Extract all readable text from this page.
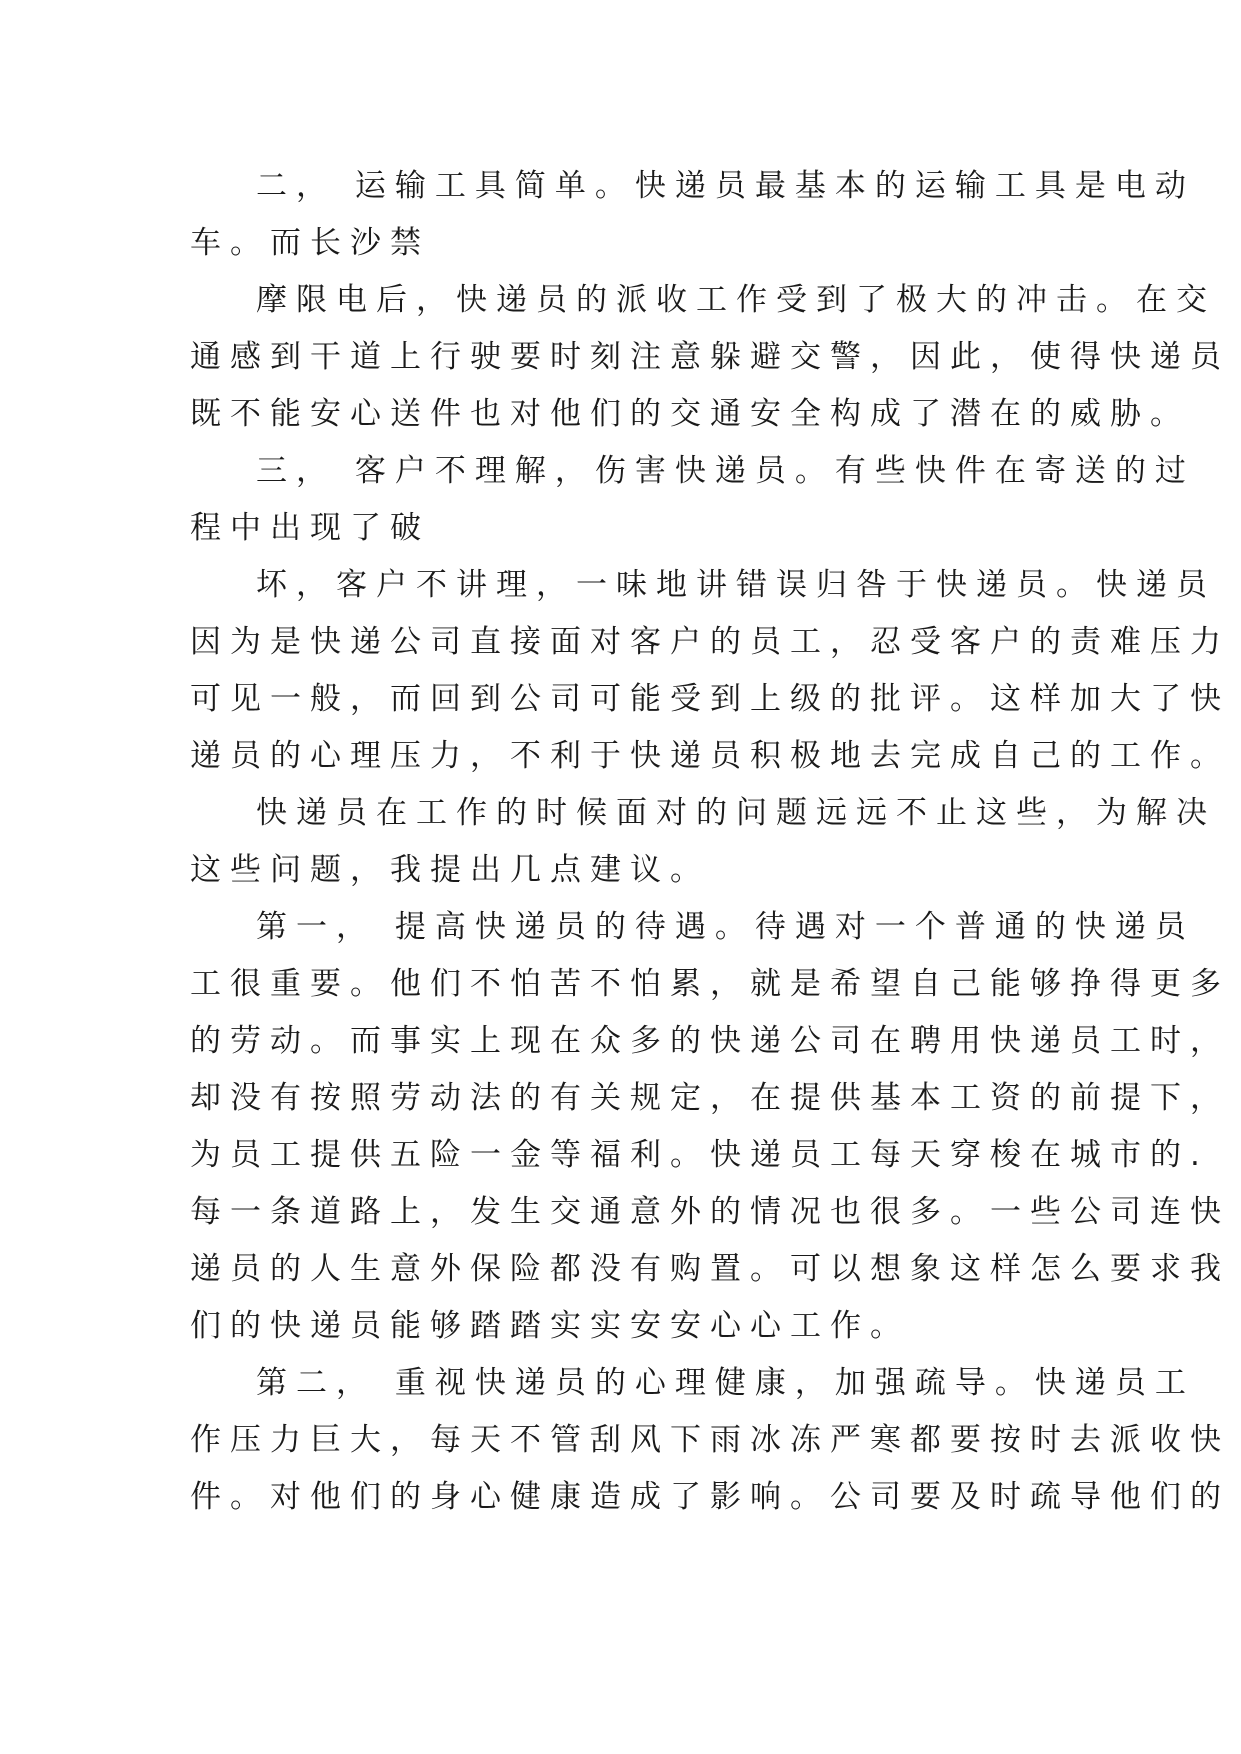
二， 运输工具简单。快递员最基本的运输工具是电动

车。而长沙禁

摩限电后，快递员的派收工作受到了极大的冲击。在交

通感到干道上行驶要时刻注意躲避交警，因此，使得快递员

既不能安心送件也对他们的交通安全构成了潜在的威胁。

三， 客户不理解，伤害快递员。有些快件在寄送的过

程中出现了破

坏，客户不讲理，一味地讲错误归咎于快递员。快递员

因为是快递公司直接面对客户的员工，忍受客户的责难压力

可见一般，而回到公司可能受到上级的批评。这样加大了快

递员的心理压力，不利于快递员积极地去完成自己的工作。

快递员在工作的时候面对的问题远远不止这些，为解决

这些问题，我提出几点建议。

第一， 提高快递员的待遇。待遇对一个普通的快递员

工很重要。他们不怕苦不怕累，就是希望自己能够挣得更多

的劳动。而事实上现在众多的快递公司在聘用快递员工时，

却没有按照劳动法的有关规定，在提供基本工资的前提下，

为员工提供五险一金等福利。快递员工每天穿梭在城市的.

每一条道路上，发生交通意外的情况也很多。一些公司连快

递员的人生意外保险都没有购置。可以想象这样怎么要求我

们的快递员能够踏踏实实安安心心工作。

第二， 重视快递员的心理健康，加强疏导。快递员工

作压力巨大，每天不管刮风下雨冰冻严寒都要按时去派收快

件。对他们的身心健康造成了影响。公司要及时疏导他们的
